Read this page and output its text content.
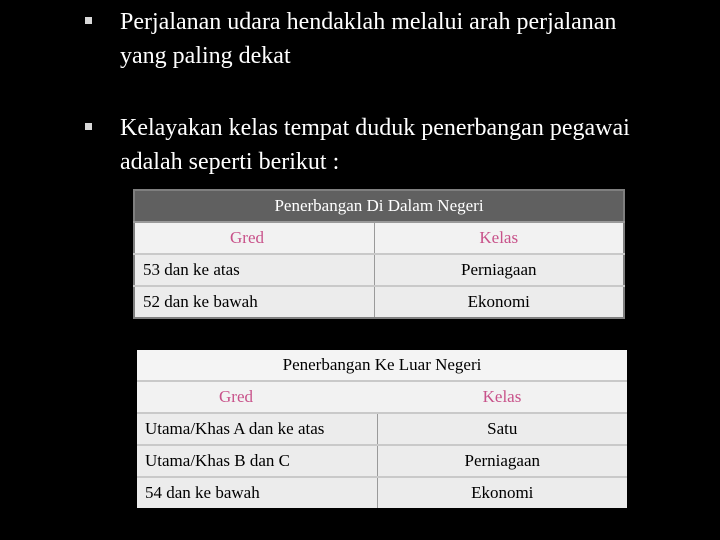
Perjalanan udara hendaklah melalui arah perjalanan yang paling dekat
Kelayakan kelas tempat duduk penerbangan pegawai adalah seperti berikut :
Penerbangan Di Dalam Negeri	
Gred	Kelas
53 dan ke atas	Perniagaan
52 dan ke bawah	Ekonomi
Penerbangan Ke Luar Negeri	
Gred	Kelas
Utama/Khas A dan ke atas	Satu
Utama/Khas B dan C	Perniagaan
54 dan ke bawah	Ekonomi
